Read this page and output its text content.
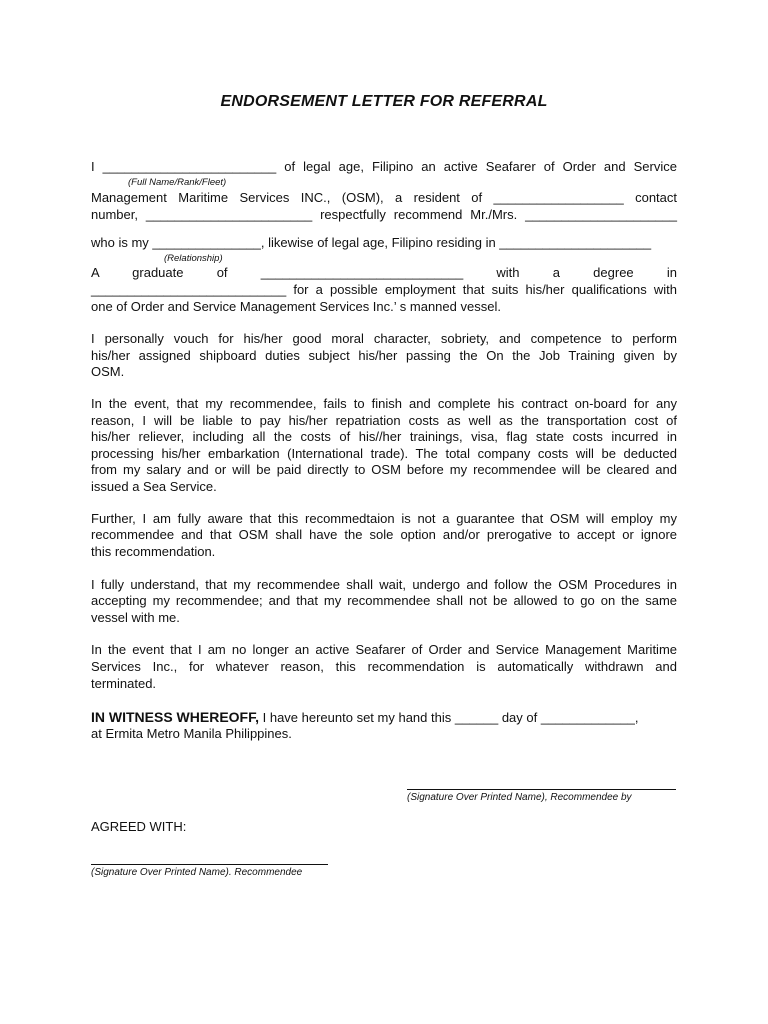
ENDORSEMENT LETTER FOR REFERRAL
I ________________________ of legal age, Filipino an active Seafarer of Order and Service
(Full Name/Rank/Fleet)
Management Maritime Services INC., (OSM), a resident of __________________ contact
number, _______________________ respectfully recommend Mr./Mrs. _____________________
who is my _______________, likewise of legal age, Filipino residing in _____________________
(Relationship)
A graduate of ____________________________ with a degree in
___________________________ for a possible employment that suits his/her qualifications with
one of Order and Service Management Services Inc.’ s manned vessel.
I personally vouch for his/her good moral character, sobriety, and competence to perform
his/her assigned shipboard duties subject his/her passing the On the Job Training given by
OSM.
In the event, that my recommendee, fails to finish and complete his contract on-board for any
reason, I will be liable to pay his/her repatriation costs as well as the transportation cost of
his/her reliever, including all the costs of his//her trainings, visa, flag state costs incurred in
processing his/her embarkation (International trade). The total company costs will be deducted
from my salary and or will be paid directly to OSM before my recommendee will be cleared and
issued a Sea Service.
Further, I am fully aware that this recommedtaion is not a guarantee that OSM will employ my
recommendee and that OSM shall have the sole option and/or prerogative to accept or ignore
this recommendation.
I fully understand, that my recommendee shall wait, undergo and follow the OSM Procedures in
accepting my recommendee; and that my recommendee shall not be allowed to go on the same
vessel with me.
In the event that I am no longer an active Seafarer of Order and Service Management Maritime
Services Inc., for whatever reason, this recommendation is automatically withdrawn and
terminated.
IN WITNESS WHEREOFF, I have hereunto set my hand this ______ day of _____________,
at Ermita Metro Manila Philippines.
(Signature Over Printed Name), Recommendee by
AGREED WITH:
(Signature Over Printed Name). Recommendee
